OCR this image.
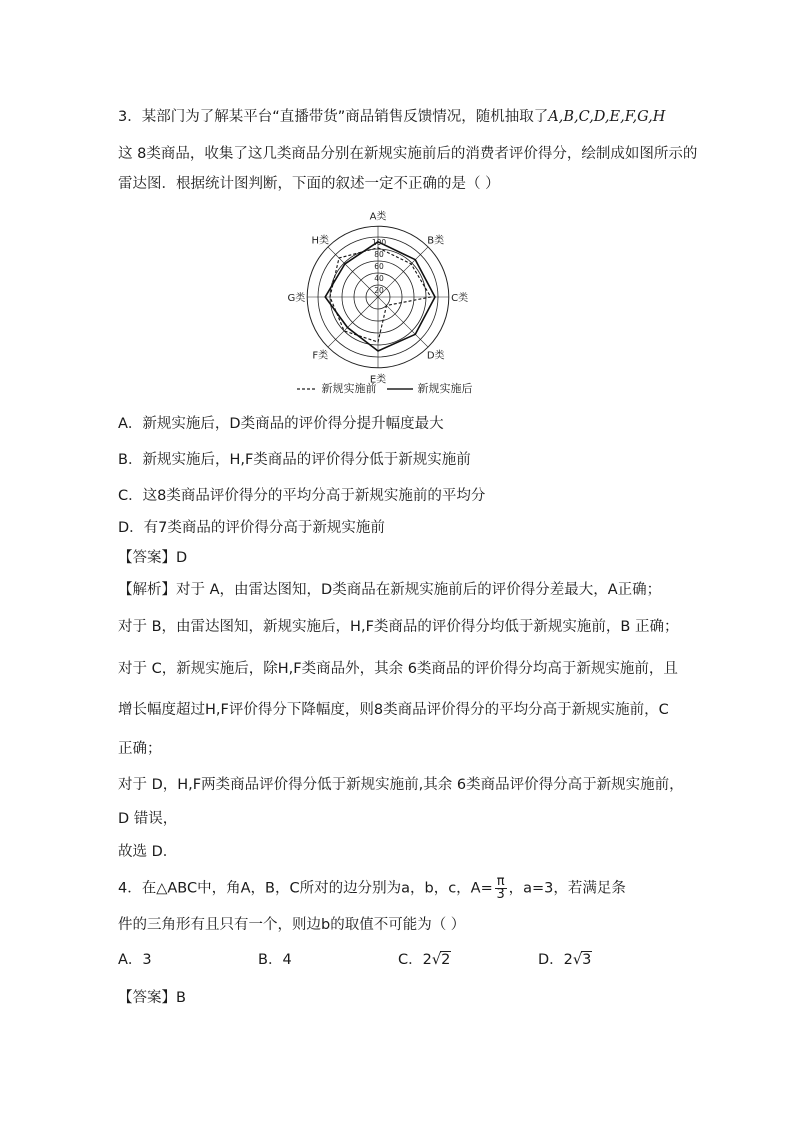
3．某部门为了解某平台“直播带货”商品销售反馈情况，随机抽取了A,B,C,D,E,F,G,H
这 8类商品，收集了这几类商品分别在新规实施前后的消费者评价得分，绘制成如图所示的
雷达图．根据统计图判断，下面的叙述一定不正确的是（ ）
20
40
60
80
100
A类
B类
C类
D类
E类
F类
G类
H类
新规实施前	新规实施后
A．新规实施后，D类商品的评价得分提升幅度最大
B．新规实施后，H,F类商品的评价得分低于新规实施前
C．这8类商品评价得分的平均分高于新规实施前的平均分
D．有7类商品的评价得分高于新规实施前
【答案】D
【解析】对于 A，由雷达图知，D类商品在新规实施前后的评价得分差最大，A正确；
对于 B，由雷达图知，新规实施后，H,F类商品的评价得分均低于新规实施前，B 正确；
对于 C，新规实施后，除H,F类商品外，其余 6类商品的评价得分均高于新规实施前，且
增长幅度超过H,F评价得分下降幅度，则8类商品评价得分的平均分高于新规实施前，C
正确；
对于 D，H,F两类商品评价得分低于新规实施前,其余 6类商品评价得分高于新规实施前，
D 错误，
故选 D．
4．在△ABC中，角A，B，C所对的边分别为a，b，c，$A= \frac{\pi}{3}$ ，a=3，若满足条
件的三角形有且只有一个，则边b的取值不可能为（ ）
A．3	B．4	C．2√2	D．2√3
【答案】B
